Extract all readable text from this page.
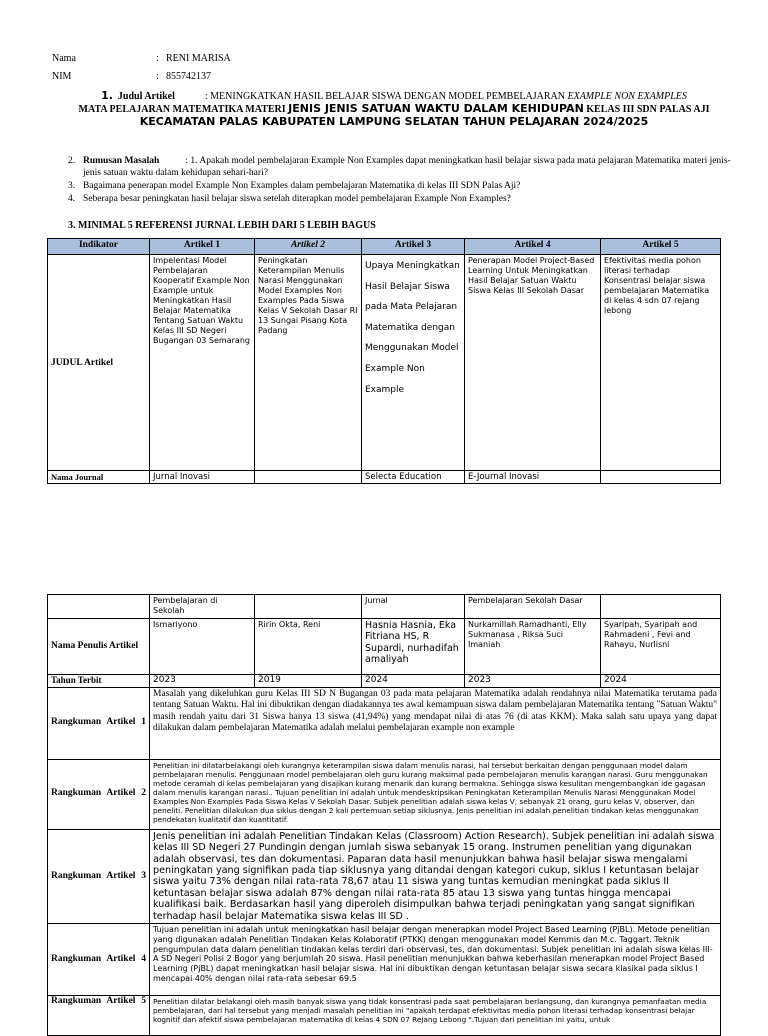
Nama	: RENI MARISA
NIM	: 855742137
1. Judul Artikel	: MENINGKATKAN HASIL BELAJAR SISWA DENGAN MODEL PEMBELAJARAN EXAMPLE NON EXAMPLES
MATA PELAJARAN MATEMATIKA MATERI JENIS JENIS SATUAN WAKTU DALAM KEHIDUPAN KELAS III SDN PALAS AJI
KECAMATAN PALAS KABUPATEN LAMPUNG SELATAN TAHUN PELAJARAN 2024/2025
2. Rumusan Masalah	: 1. Apakah model pembelajaran Example Non Examples dapat meningkatkan hasil belajar siswa pada mata pelajaran Matematika materi jenis-jenis satuan waktu dalam kehidupan sehari-hari?
3. Bagaimana penerapan model Example Non Examples dalam pembelajaran Matematika di kelas III SDN Palas Aji?
4. Seberapa besar peningkatan hasil belajar siswa setelah diterapkan model pembelajaran Example Non Examples?
3. MINIMAL 5 REFERENSI JURNAL LEBIH DARI 5 LEBIH BAGUS
Indikator	Artikel 1	Artikel 2	Artikel 3	Artikel 4	Artikel 5
JUDUL Artikel	Impelentasi Model Pembelajaran Kooperatif Example Non Example untuk Meningkatkan Hasil Belajar Matematika Tentang Satuan Waktu Kelas III SD Negeri Bugangan 03 Semarang	Peningkatan Keterampilan Menulis Narasi Menggunakan Model Examples Non Examples Pada Siswa Kelas V Sekolah Dasar RI 13 Sungai Pisang Kota Padang	Upaya Meningkatkan Hasil Belajar Siswa pada Mata Pelajaran Matematika dengan Menggunakan Model Example Non Example	Penerapan Model Project-Based Learning Untuk Meningkatkan Hasil Belajar Satuan Waktu Siswa Kelas III Sekolah Dasar	Efektivitas media pohon literasi terhadap Konsentrasi belajar siswa pembelajaran Matematika di kelas 4 sdn 07 rejang lebong
Nama Journal	Jurnal Inovasi		Selecta Education	E-Journal Inovasi	
	Pembelajaran di Sekolah		Jurnal	Pembelajaran Sekolah Dasar	
Nama Penulis Artikel	Ismariyono	Ririn Okta, Reni	Hasnia Hasnia, Eka Fitriana HS, R Supardi, nurhadifah amaliyah	Nurkamillah Ramadhanti, Elly Sukmanasa , Riksa Suci Imaniah	Syaripah, Syaripah and Rahmadeni , Fevi and Rahayu, Nurlisni
Tahun Terbit	2023	2019	2024	2023	2024
Rangkuman Artikel 1	Masalah yang dikeluhkan guru Kelas III SD N Bugangan 03 pada mata pelajaran Matematika adalah rendahnya nilai Matematika terutama pada tentang Satuan Waktu. Hal ini dibuktikan dengan diadakannya tes awal kemampuan siswa dalam pembelajaran Matematika tentang "Satuan Waktu" masih rendah yaitu dari 31 Siswa hanya 13 siswa (41,94%) yang mendapat nilai di atas 76 (di atas KKM). Maka salah satu upaya yang dapat dilakukan dalam pembelajaran Matematika adalah melalui pembelajaran example non example				
Rangkuman Artikel 2	Penelitian ini dilatarbelakangi oleh kurangnya keterampilan siswa dalam menulis narasi, hal tersebut berkaitan dengan penggunaan model dalam pembelajaran menulis. Penggunaan model pembelajaran oleh guru kurang maksimal pada pembelajaran menulis karangan narasi. Guru menggunakan metode ceramah di kelas pembelajaran yang disajikan kurang menarik dan kurang bermakna. Sehingga siswa kesulitan mengembangkan ide gagasan dalam menulis karangan narasi.. Tujuan penelitian ini adalah untuk mendeskripsikan Peningkatan Keterampilan Menulis Narasi Menggunakan Model Examples Non Examples Pada Siswa Kelas V Sekolah Dasar. Subjek penelitian adalah siswa kelas V, sebanyak 21 orang, guru kelas V, observer, dan peneliti. Penelitian dilakukan dua siklus dengan 2 kali pertemuan setiap siklusnya. Jenis penelitian ini adalah penelitian tindakan kelas menggunakan pendekatan kualitatif dan kuantitatif.				
Rangkuman Artikel 3	Jenis penelitian ini adalah Penelitian Tindakan Kelas (Classroom) Action Research). Subjek penelitian ini adalah siswa kelas III SD Negeri 27 Pundingin dengan jumlah siswa sebanyak 15 orang. Instrumen penelitian yang digunakan adalah observasi, tes dan dokumentasi. Paparan data hasil menunjukkan bahwa hasil belajar siswa mengalami peningkatan yang signifikan pada tiap siklusnya yang ditandai dengan kategori cukup, siklus I ketuntasan belajar siswa yaitu 73% dengan nilai rata-rata 78,67 atau 11 siswa yang tuntas kemudian meningkat pada siklus II ketuntasan belajar siswa adalah 87% dengan nilai rata-rata 85 atau 13 siswa yang tuntas hingga mencapai kualifikasi baik. Berdasarkan hasil yang diperoleh disimpulkan bahwa terjadi peningkatan yang sangat signifikan terhadap hasil belajar Matematika siswa kelas III SD .				
Rangkuman Artikel 4	Tujuan penelitian ini adalah untuk meningkatkan hasil belajar dengan menerapkan model Project Based Learning (PjBL). Metode penelitian yang digunakan adalah Penelitian Tindakan Kelas Kolaboratif (PTKK) dengan menggunakan model Kemmis dan M.c. Taggart. Teknik pengumpulan data dalam penelitian tindakan kelas terdiri dari observasi, tes, dan dokumentasi. Subjek penelitian ini adalah siswa kelas III-A SD Negeri Polisi 2 Bogor yang berjumlah 20 siswa. Hasil penelitian menunjukkan bahwa keberhasilan menerapkan model Project Based Learning (PjBL) dapat meningkatkan hasil belajar siswa. Hal ini dibuktikan dengan ketuntasan belajar siswa secara klasikal pada siklus I mencapai 40% dengan nilai rata-rata sebesar 69.5				
Rangkuman Artikel 5	Penelitian dilatar belakangi oleh masih banyak siswa yang tidak konsentrasi pada saat pembelajaran berlangsung, dan kurangnya pemanfaatan media pembelajaran, dari hal tersebut yang menjadi masalah penelitian ini "apakah terdapat efektivitas media pohon literasi terhadap konsentrasi belajar kognitif dan afektif siswa pembelajaran matematika di kelas 4 SDN 07 Rejang Lebong ".Tujuan dari penelitian ini yaitu, untuk				
